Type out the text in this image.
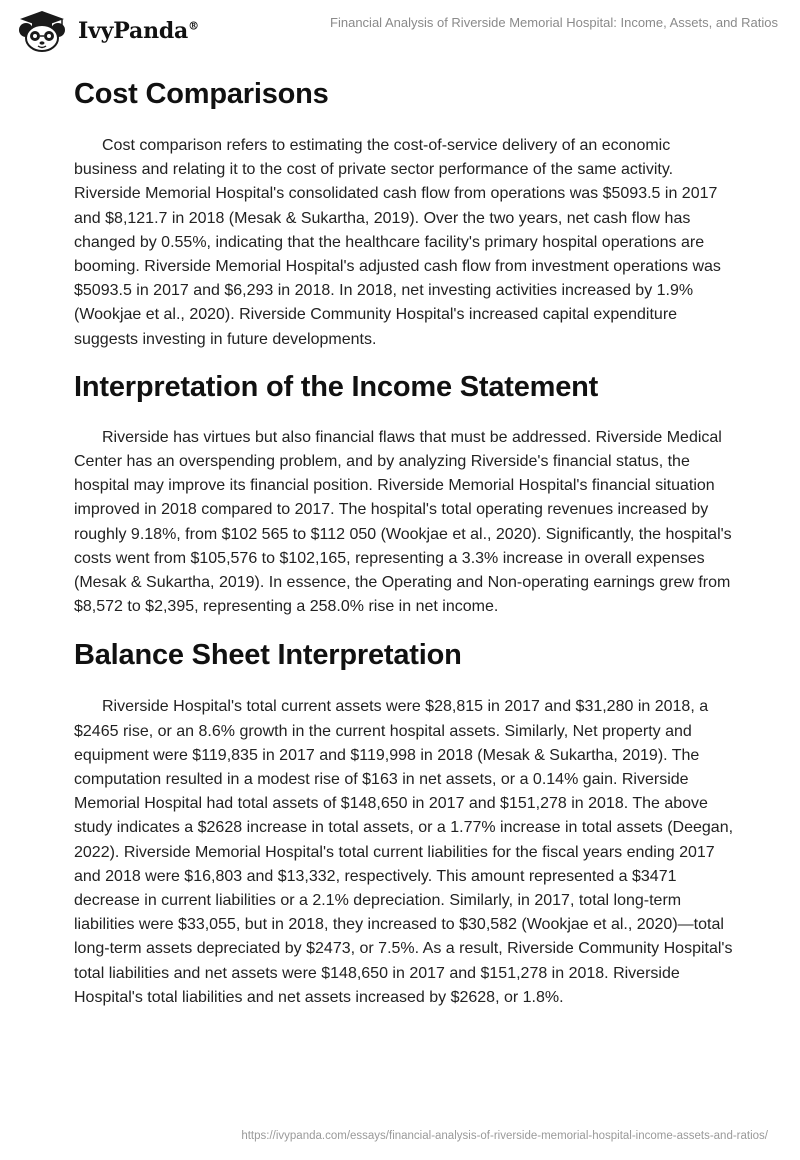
IvyPanda®	Financial Analysis of Riverside Memorial Hospital: Income, Assets, and Ratios
Cost Comparisons

Cost comparison refers to estimating the cost-of-service delivery of an economic business and relating it to the cost of private sector performance of the same activity. Riverside Memorial Hospital's consolidated cash flow from operations was $5093.5 in 2017 and $8,121.7 in 2018 (Mesak & Sukartha, 2019). Over the two years, net cash flow has changed by 0.55%, indicating that the healthcare facility's primary hospital operations are booming. Riverside Memorial Hospital's adjusted cash flow from investment operations was $5093.5 in 2017 and $6,293 in 2018. In 2018, net investing activities increased by 1.9% (Wookjae et al., 2020). Riverside Community Hospital's increased capital expenditure suggests investing in future developments.

Interpretation of the Income Statement

Riverside has virtues but also financial flaws that must be addressed. Riverside Medical Center has an overspending problem, and by analyzing Riverside's financial status, the hospital may improve its financial position. Riverside Memorial Hospital's financial situation improved in 2018 compared to 2017. The hospital's total operating revenues increased by roughly 9.18%, from $102 565 to $112 050 (Wookjae et al., 2020). Significantly, the hospital's costs went from $105,576 to $102,165, representing a 3.3% increase in overall expenses (Mesak & Sukartha, 2019). In essence, the Operating and Non-operating earnings grew from $8,572 to $2,395, representing a 258.0% rise in net income.

Balance Sheet Interpretation

Riverside Hospital's total current assets were $28,815 in 2017 and $31,280 in 2018, a $2465 rise, or an 8.6% growth in the current hospital assets. Similarly, Net property and equipment were $119,835 in 2017 and $119,998 in 2018 (Mesak & Sukartha, 2019). The computation resulted in a modest rise of $163 in net assets, or a 0.14% gain. Riverside Memorial Hospital had total assets of $148,650 in 2017 and $151,278 in 2018. The above study indicates a $2628 increase in total assets, or a 1.77% increase in total assets (Deegan, 2022). Riverside Memorial Hospital's total current liabilities for the fiscal years ending 2017 and 2018 were $16,803 and $13,332, respectively. This amount represented a $3471 decrease in current liabilities or a 2.1% depreciation. Similarly, in 2017, total long-term liabilities were $33,055, but in 2018, they increased to $30,582 (Wookjae et al., 2020)—total long-term assets depreciated by $2473, or 7.5%. As a result, Riverside Community Hospital's total liabilities and net assets were $148,650 in 2017 and $151,278 in 2018. Riverside Hospital's total liabilities and net assets increased by $2628, or 1.8%.

https://ivypanda.com/essays/financial-analysis-of-riverside-memorial-hospital-income-assets-and-ratios/
